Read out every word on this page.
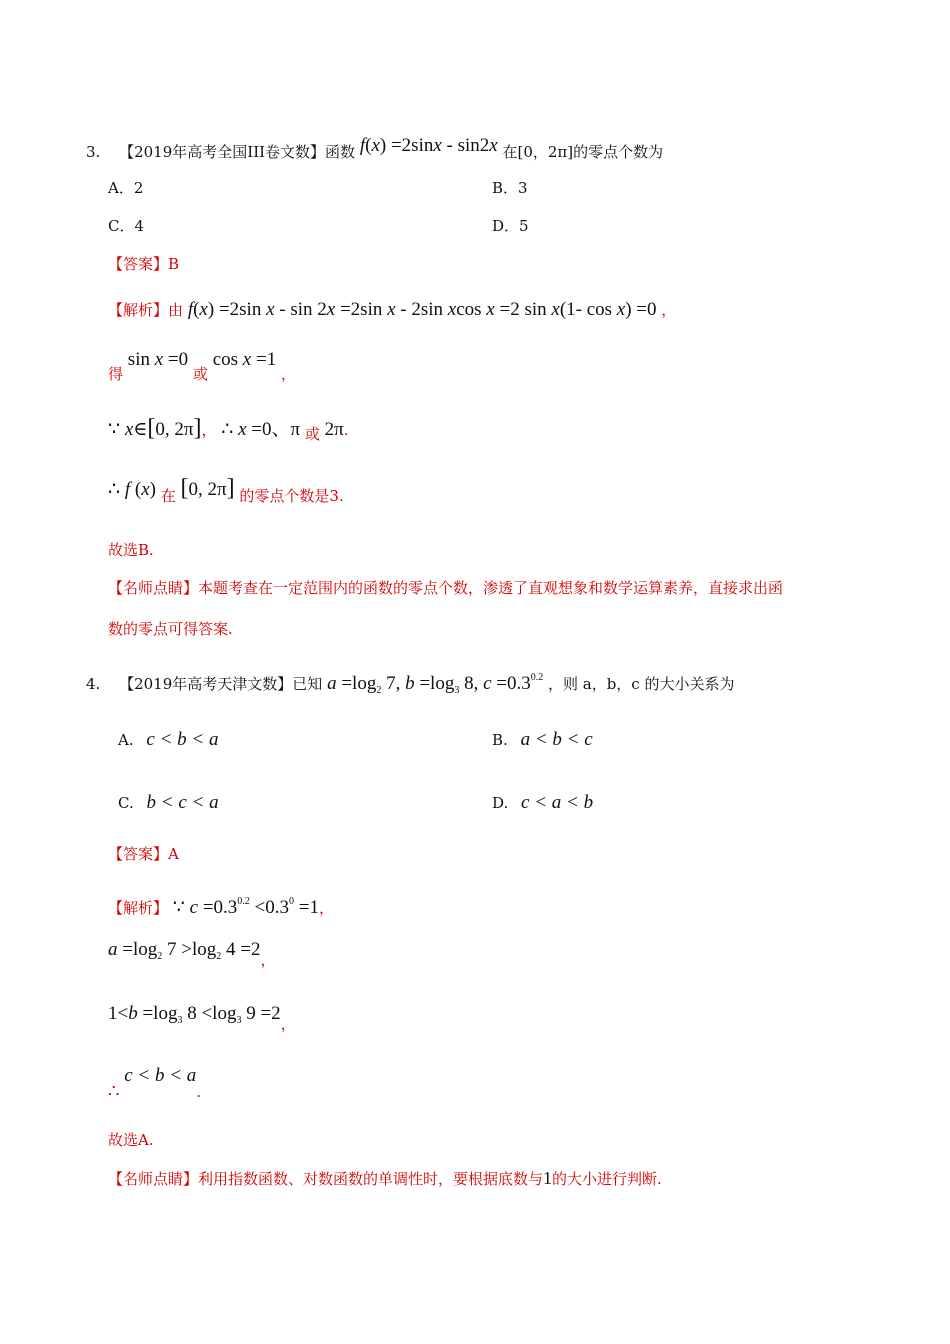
3. 【2019年高考全国III卷文数】函数 f(x) =2sinx - sin2x 在[0，2π]的零点个数为
A．2	B．3
C．4	D．5
【答案】B
【解析】由 f(x) =2sin x - sin 2x =2sin x - 2sin xcos x =2 sin x(1- cos x) =0 ，
得 sin x =0 或 cos x =1 ，
∵ x∈[0, 2π]， ∴ x =0、π 或 2π.
∴ f (x) 在 [0, 2π] 的零点个数是3.
故选B.
【名师点睛】本题考查在一定范围内的函数的零点个数，渗透了直观想象和数学运算素养，直接求出函
数的零点可得答案.
4. 【2019年高考天津文数】已知 $a =\log_2$ 7, $b =\log_3$ 8, $c =0.3^{0.2}$ ，则 a，b，c 的大小关系为
A. c < b < a	B. a < b < c
C. b < c < a	D. c < a < b
【答案】A
【解析】 ∵ $c =0.3^{0.2} <0.3^0 =1$，
$a =\log_2$ $7 >\log_2$ 4 =2，
$1<b =\log_3$ $8 <\log_3$ 9 =2，
∴ c < b < a.
故选A.
【名师点睛】利用指数函数、对数函数的单调性时，要根据底数与1的大小进行判断.
